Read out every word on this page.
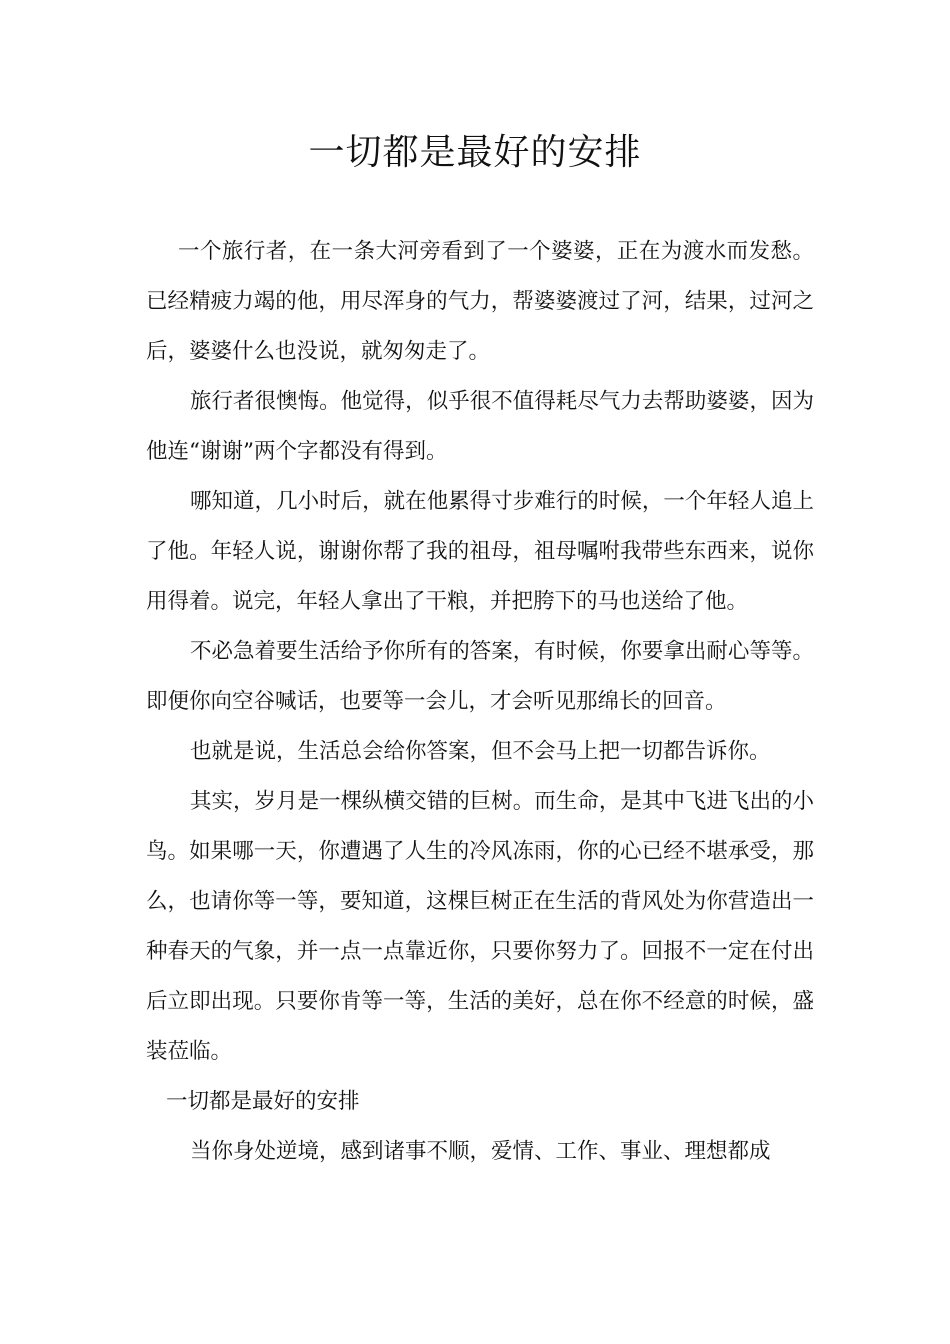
一切都是最好的安排

一个旅行者，在一条大河旁看到了一个婆婆，正在为渡水而发愁。已经精疲力竭的他，用尽浑身的气力，帮婆婆渡过了河，结果，过河之后，婆婆什么也没说，就匆匆走了。

旅行者很懊悔。他觉得，似乎很不值得耗尽气力去帮助婆婆，因为他连“谢谢”两个字都没有得到。

哪知道，几小时后，就在他累得寸步难行的时候，一个年轻人追上了他。年轻人说，谢谢你帮了我的祖母，祖母嘱咐我带些东西来，说你用得着。说完，年轻人拿出了干粮，并把胯下的马也送给了他。

不必急着要生活给予你所有的答案，有时候，你要拿出耐心等等。即便你向空谷喊话，也要等一会儿，才会听见那绵长的回音。

也就是说，生活总会给你答案，但不会马上把一切都告诉你。

其实，岁月是一棵纵横交错的巨树。而生命，是其中飞进飞出的小鸟。如果哪一天，你遭遇了人生的冷风冻雨，你的心已经不堪承受，那么，也请你等一等，要知道，这棵巨树正在生活的背风处为你营造出一种春天的气象，并一点一点靠近你，只要你努力了。回报不一定在付出后立即出现。只要你肯等一等，生活的美好，总在你不经意的时候，盛装莅临。

一切都是最好的安排

当你身处逆境，感到诸事不顺，爱情、工作、事业、理想都成
